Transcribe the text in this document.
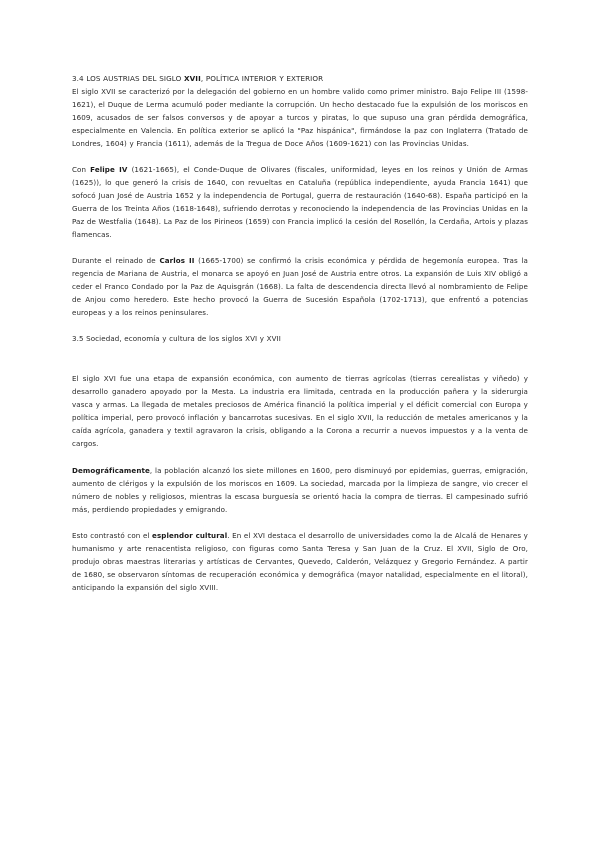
3.4 LOS AUSTRIAS DEL SIGLO XVII, POLÍTICA INTERIOR Y EXTERIOR

El siglo XVII se caracterizó por la delegación del gobierno en un hombre valido como primer ministro. Bajo Felipe III (1598-1621), el Duque de Lerma acumuló poder mediante la corrupción. Un hecho destacado fue la expulsión de los moriscos en 1609, acusados de ser falsos conversos y de apoyar a turcos y piratas, lo que supuso una gran pérdida demográfica, especialmente en Valencia. En política exterior se aplicó la "Paz hispánica", firmándose la paz con Inglaterra (Tratado de Londres, 1604) y Francia (1611), además de la Tregua de Doce Años (1609-1621) con las Provincias Unidas.

Con Felipe IV (1621-1665), el Conde-Duque de Olivares (fiscales, uniformidad, leyes en los reinos y Unión de Armas (1625)), lo que generó la crisis de 1640, con revueltas en Cataluña (república independiente, ayuda Francia 1641) que sofocó Juan José de Austria 1652 y la independencia de Portugal, guerra de restauración (1640-68). España participó en la Guerra de los Treinta Años (1618-1648), sufriendo derrotas y reconociendo la independencia de las Provincias Unidas en la Paz de Westfalia (1648). La Paz de los Pirineos (1659) con Francia implicó la cesión del Rosellón, la Cerdaña, Artois y plazas flamencas.

Durante el reinado de Carlos II (1665-1700) se confirmó la crisis económica y pérdida de hegemonía europea. Tras la regencia de Mariana de Austria, el monarca se apoyó en Juan José de Austria entre otros. La expansión de Luis XIV obligó a ceder el Franco Condado por la Paz de Aquisgrán (1668). La falta de descendencia directa llevó al nombramiento de Felipe de Anjou como heredero. Este hecho provocó la Guerra de Sucesión Española (1702-1713), que enfrentó a potencias europeas y a los reinos peninsulares.

3.5 Sociedad, economía y cultura de los siglos XVI y XVII

El siglo XVI fue una etapa de expansión económica, con aumento de tierras agrícolas (tierras cerealistas y viñedo) y desarrollo ganadero apoyado por la Mesta. La industria era limitada, centrada en la producción pañera y la siderurgia vasca y armas. La llegada de metales preciosos de América financió la política imperial y el déficit comercial con Europa y política imperial, pero provocó inflación y bancarrotas sucesivas. En el siglo XVII, la reducción de metales americanos y la caída agrícola, ganadera y textil agravaron la crisis, obligando a la Corona a recurrir a nuevos impuestos y a la venta de cargos.

Demográficamente, la población alcanzó los siete millones en 1600, pero disminuyó por epidemias, guerras, emigración, aumento de clérigos y la expulsión de los moriscos en 1609. La sociedad, marcada por la limpieza de sangre, vio crecer el número de nobles y religiosos, mientras la escasa burguesía se orientó hacia la compra de tierras. El campesinado sufrió más, perdiendo propiedades y emigrando.

Esto contrastó con el esplendor cultural. En el XVI destaca el desarrollo de universidades como la de Alcalá de Henares y humanismo y arte renacentista religioso, con figuras como Santa Teresa y San Juan de la Cruz. El XVII, Siglo de Oro, produjo obras maestras literarias y artísticas de Cervantes, Quevedo, Calderón, Velázquez y Gregorio Fernández. A partir de 1680, se observaron síntomas de recuperación económica y demográfica (mayor natalidad, especialmente en el litoral), anticipando la expansión del siglo XVIII.
